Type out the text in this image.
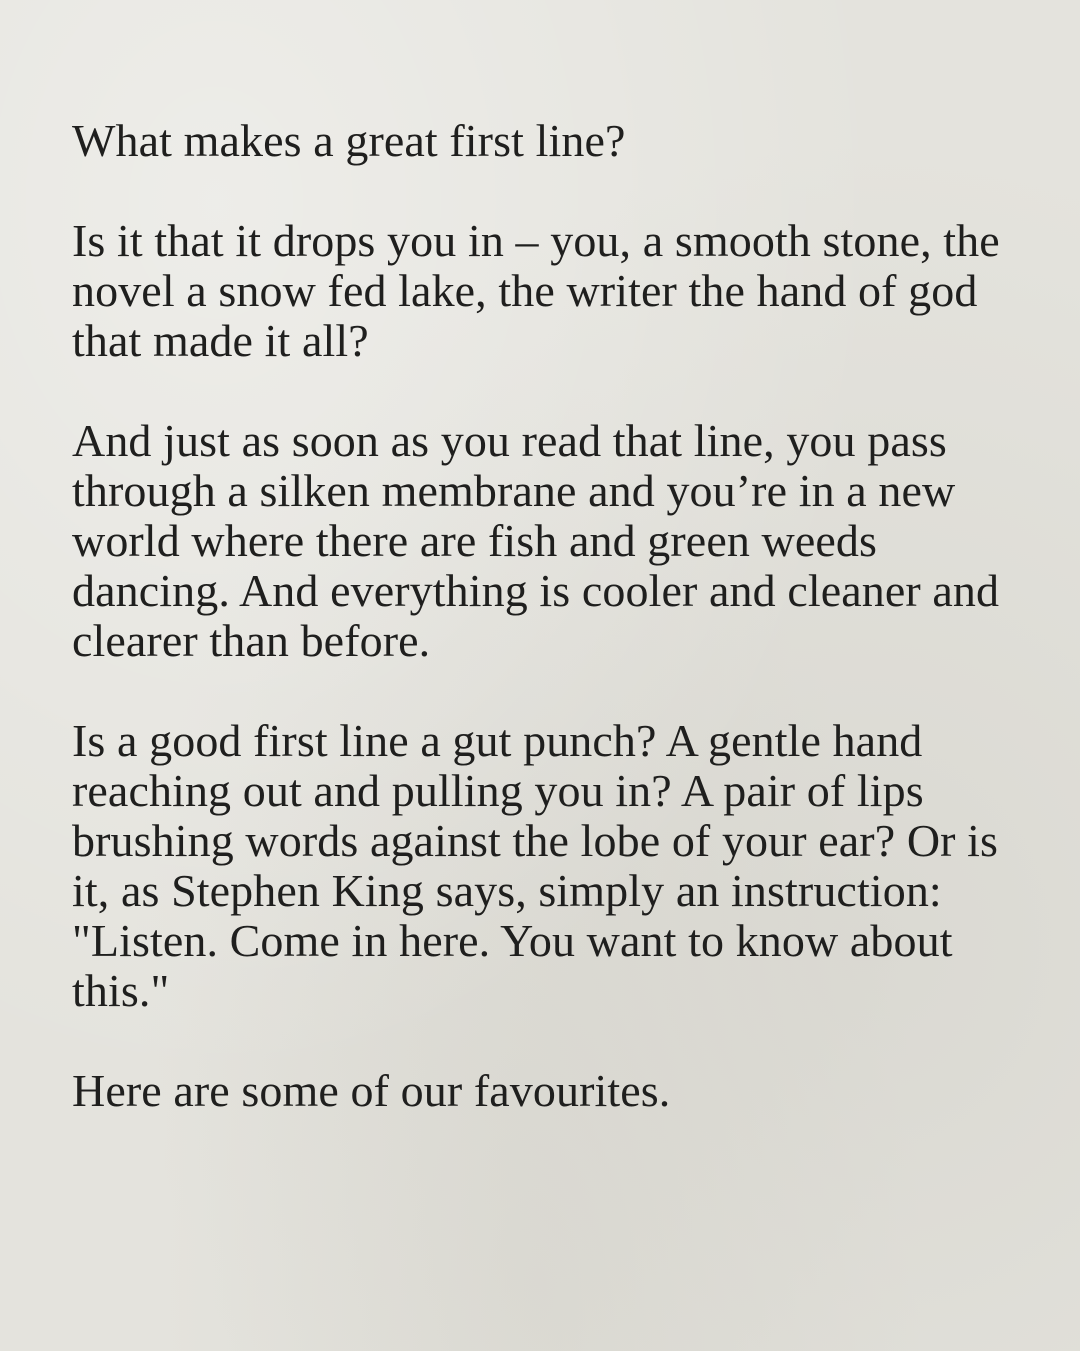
What makes a great first line?

Is it that it drops you in – you, a smooth stone, the novel a snow fed lake, the writer the hand of god that made it all?

And just as soon as you read that line, you pass through a silken membrane and you’re in a new world where there are fish and green weeds dancing. And everything is cooler and cleaner and clearer than before.

Is a good first line a gut punch? A gentle hand reaching out and pulling you in? A pair of lips brushing words against the lobe of your ear? Or is it, as Stephen King says, simply an instruction: "Listen. Come in here. You want to know about this."

Here are some of our favourites.
